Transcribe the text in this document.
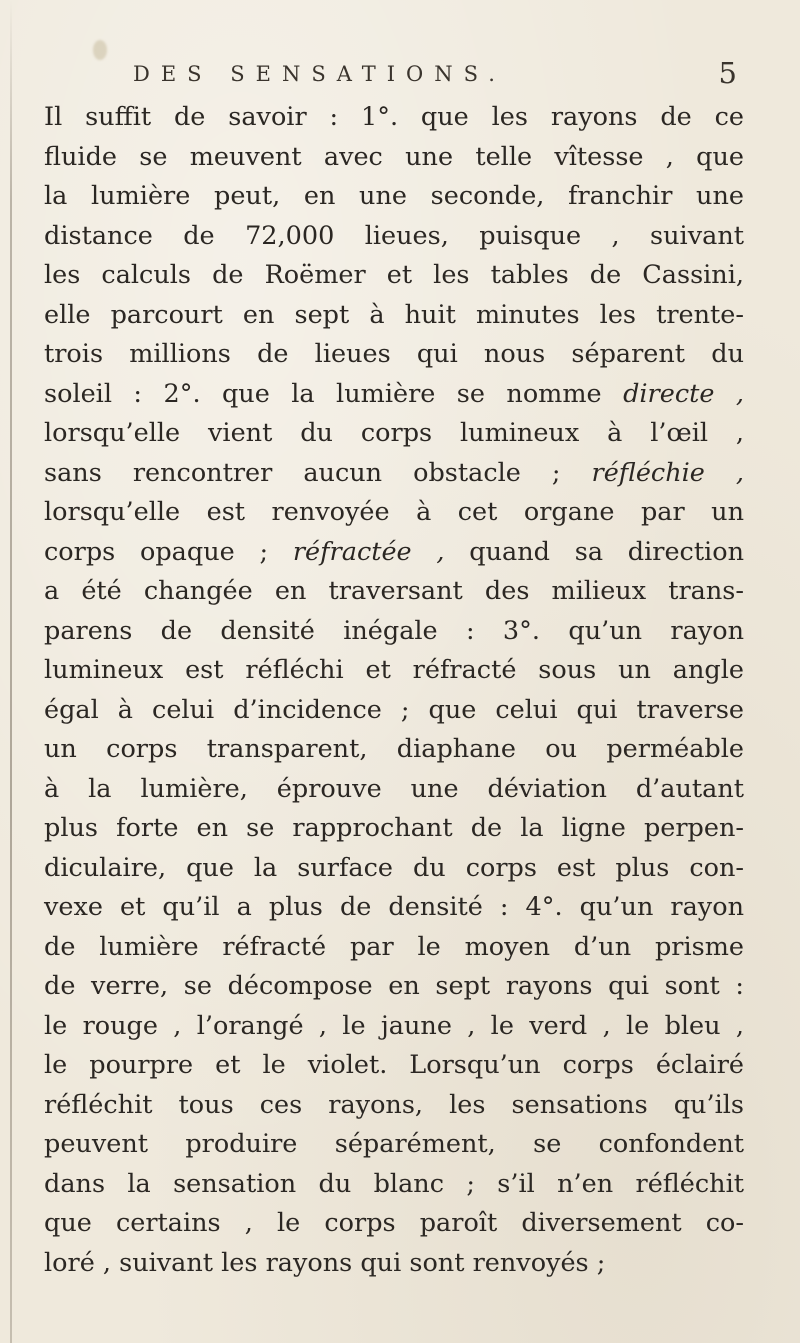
DES SENSATIONS.	5
Il suffit de savoir : 1°. que les rayons de ce
fluide se meuvent avec une telle vîtesse , que
la lumière peut, en une seconde, franchir une
distance de 72,000 lieues, puisque , suivant
les calculs de Roëmer et les tables de Cassini,
elle parcourt en sept à huit minutes les trente-
trois millions de lieues qui nous séparent du
soleil : 2°. que la lumière se nomme directe ,
lorsqu’elle vient du corps lumineux à l’œil ,
sans rencontrer aucun obstacle ; réfléchie ,
lorsqu’elle est renvoyée à cet organe par un
corps opaque ; réfractée , quand sa direction
a été changée en traversant des milieux trans-
parens de densité inégale : 3°. qu’un rayon
lumineux est réfléchi et réfracté sous un angle
égal à celui d’incidence ; que celui qui traverse
un corps transparent, diaphane ou perméable
à la lumière, éprouve une déviation d’autant
plus forte en se rapprochant de la ligne perpen-
diculaire, que la surface du corps est plus con-
vexe et qu’il a plus de densité : 4°. qu’un rayon
de lumière réfracté par le moyen d’un prisme
de verre, se décompose en sept rayons qui sont :
le rouge , l’orangé , le jaune , le verd , le bleu ,
le pourpre et le violet. Lorsqu’un corps éclairé
réfléchit tous ces rayons, les sensations qu’ils
peuvent produire séparément, se confondent
dans la sensation du blanc ; s’il n’en réfléchit
que certains , le corps paroît diversement co-
loré , suivant les rayons qui sont renvoyés ;
